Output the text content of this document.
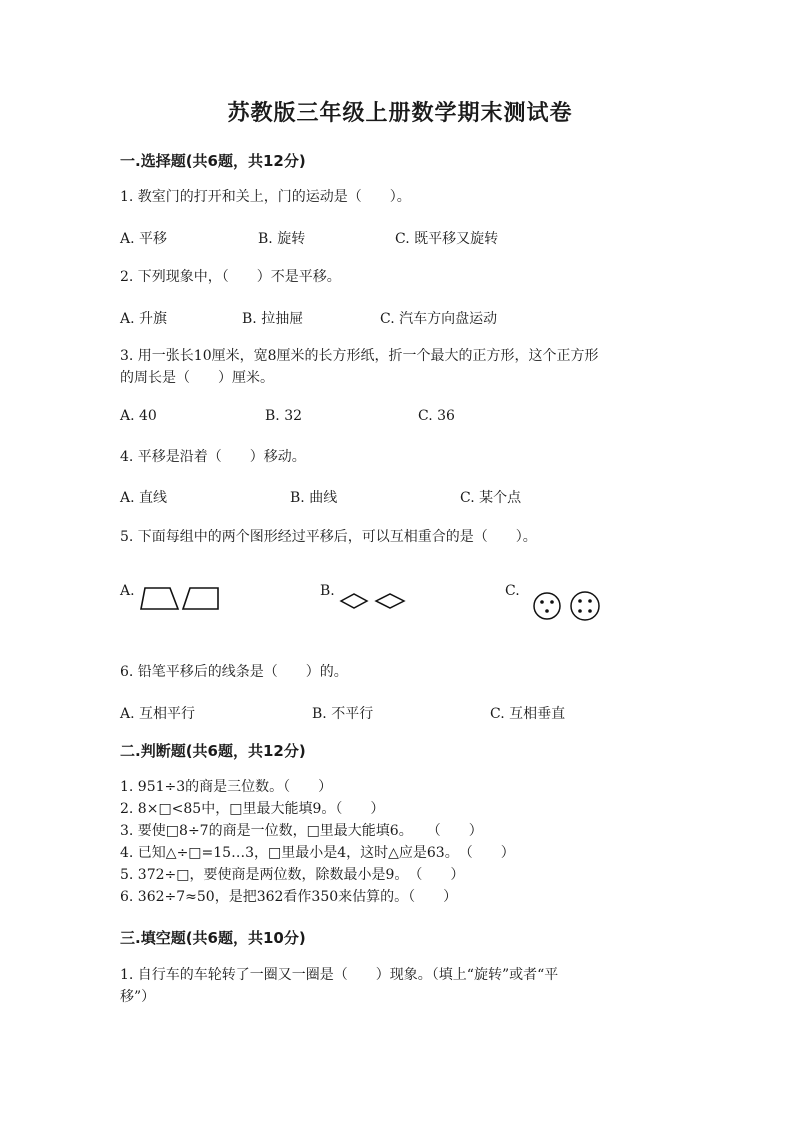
苏教版三年级上册数学期末测试卷
一.选择题(共6题，共12分)
1. 教室门的打开和关上，门的运动是（　　）。
A. 平移	B. 旋转	C. 既平移又旋转
2. 下列现象中，（　　）不是平移。
A. 升旗	B. 拉抽屉	C. 汽车方向盘运动
3. 用一张长10厘米，宽8厘米的长方形纸，折一个最大的正方形，这个正方形
的周长是（　　）厘米。
A. 40	B. 32	C. 36
4. 平移是沿着（　　）移动。
A. 直线	B. 曲线	C. 某个点
5. 下面每组中的两个图形经过平移后，可以互相重合的是（　　）。
A.	B.	C.
6. 铅笔平移后的线条是（　　）的。
A. 互相平行	B. 不平行	C. 互相垂直
二.判断题(共6题，共12分)
1. 951÷3的商是三位数。（　　）
2. 8×□<85中，□里最大能填9。（　　）
3. 要使□8÷7的商是一位数，□里最大能填6。　　（　　）
4. 已知△÷□=15…3，□里最小是4，这时△应是63。　（　　）
5. 372÷□，要使商是两位数，除数最小是9。　（　　）
6. 362÷7≈50，是把362看作350来估算的。（　　）
三.填空题(共6题，共10分)
1. 自行车的车轮转了一圈又一圈是（　　）现象。（填上“旋转”或者“平
移”）
